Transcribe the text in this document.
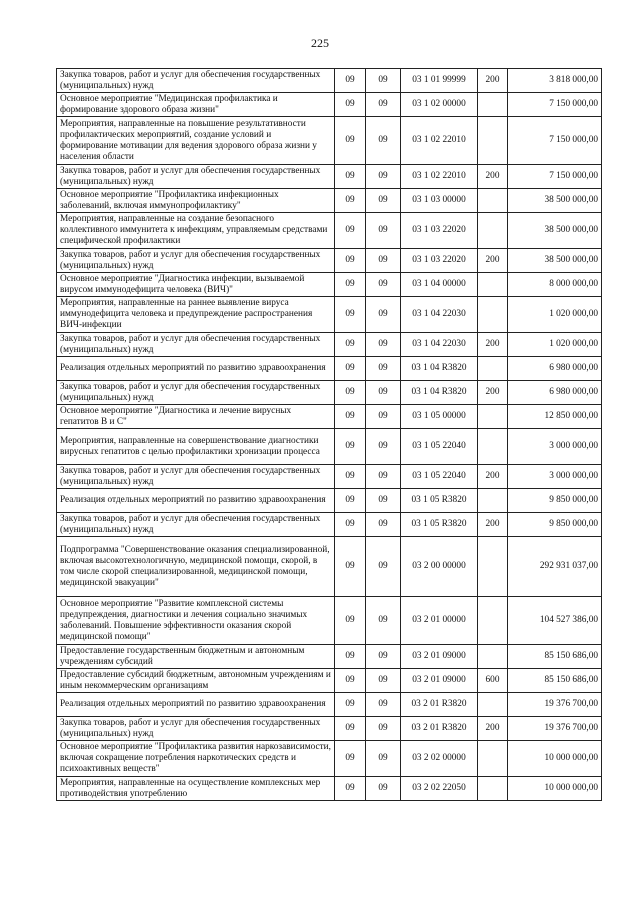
225
Закупка товаров, работ и услуг для обеспечения государственных (муниципальных) нужд	09	09	03 1 01 99999	200	3 818 000,00
Основное мероприятие "Медицинская профилактика и формирование здорового образа жизни"	09	09	03 1 02 00000		7 150 000,00
Мероприятия, направленные на повышение результативности профилактических мероприятий, создание условий и формирование мотивации для ведения здорового образа жизни у населения области	09	09	03 1 02 22010		7 150 000,00
Закупка товаров, работ и услуг для обеспечения государственных (муниципальных) нужд	09	09	03 1 02 22010	200	7 150 000,00
Основное мероприятие "Профилактика инфекционных заболеваний, включая иммунопрофилактику"	09	09	03 1 03 00000		38 500 000,00
Мероприятия, направленные на создание безопасного коллективного иммунитета к инфекциям, управляемым средствами специфической профилактики	09	09	03 1 03 22020		38 500 000,00
Закупка товаров, работ и услуг для обеспечения государственных (муниципальных) нужд	09	09	03 1 03 22020	200	38 500 000,00
Основное мероприятие "Диагностика инфекции, вызываемой вирусом иммунодефицита человека (ВИЧ)"	09	09	03 1 04 00000		8 000 000,00
Мероприятия, направленные на раннее выявление вируса иммунодефицита человека и предупреждение распространения ВИЧ-инфекции	09	09	03 1 04 22030		1 020 000,00
Закупка товаров, работ и услуг для обеспечения государственных (муниципальных) нужд	09	09	03 1 04 22030	200	1 020 000,00
Реализация отдельных мероприятий по развитию здравоохранения	09	09	03 1 04 R3820		6 980 000,00
Закупка товаров, работ и услуг для обеспечения государственных (муниципальных) нужд	09	09	03 1 04 R3820	200	6 980 000,00
Основное мероприятие "Диагностика и лечение вирусных гепатитов В и С"	09	09	03 1 05 00000		12 850 000,00
Мероприятия, направленные на совершенствование диагностики вирусных гепатитов с целью профилактики хронизации процесса	09	09	03 1 05 22040		3 000 000,00
Закупка товаров, работ и услуг для обеспечения государственных (муниципальных) нужд	09	09	03 1 05 22040	200	3 000 000,00
Реализация отдельных мероприятий по развитию здравоохранения	09	09	03 1 05 R3820		9 850 000,00
Закупка товаров, работ и услуг для обеспечения государственных (муниципальных) нужд	09	09	03 1 05 R3820	200	9 850 000,00
Подпрограмма "Совершенствование оказания специализированной, включая высокотехнологичную, медицинской помощи, скорой, в том числе скорой специализированной, медицинской помощи, медицинской эвакуации"	09	09	03 2 00 00000		292 931 037,00
Основное мероприятие "Развитие комплексной системы предупреждения, диагностики и лечения социально значимых заболеваний. Повышение эффективности оказания скорой медицинской помощи"	09	09	03 2 01 00000		104 527 386,00
Предоставление государственным бюджетным и автономным учреждениям субсидий	09	09	03 2 01 09000		85 150 686,00
Предоставление субсидий бюджетным, автономным учреждениям и иным некоммерческим организациям	09	09	03 2 01 09000	600	85 150 686,00
Реализация отдельных мероприятий по развитию здравоохранения	09	09	03 2 01 R3820		19 376 700,00
Закупка товаров, работ и услуг для обеспечения государственных (муниципальных) нужд	09	09	03 2 01 R3820	200	19 376 700,00
Основное мероприятие "Профилактика развития наркозависимости, включая сокращение потребления наркотических средств и психоактивных веществ"	09	09	03 2 02 00000		10 000 000,00
Мероприятия, направленные на осуществление комплексных мер противодействия употреблению	09	09	03 2 02 22050		10 000 000,00
